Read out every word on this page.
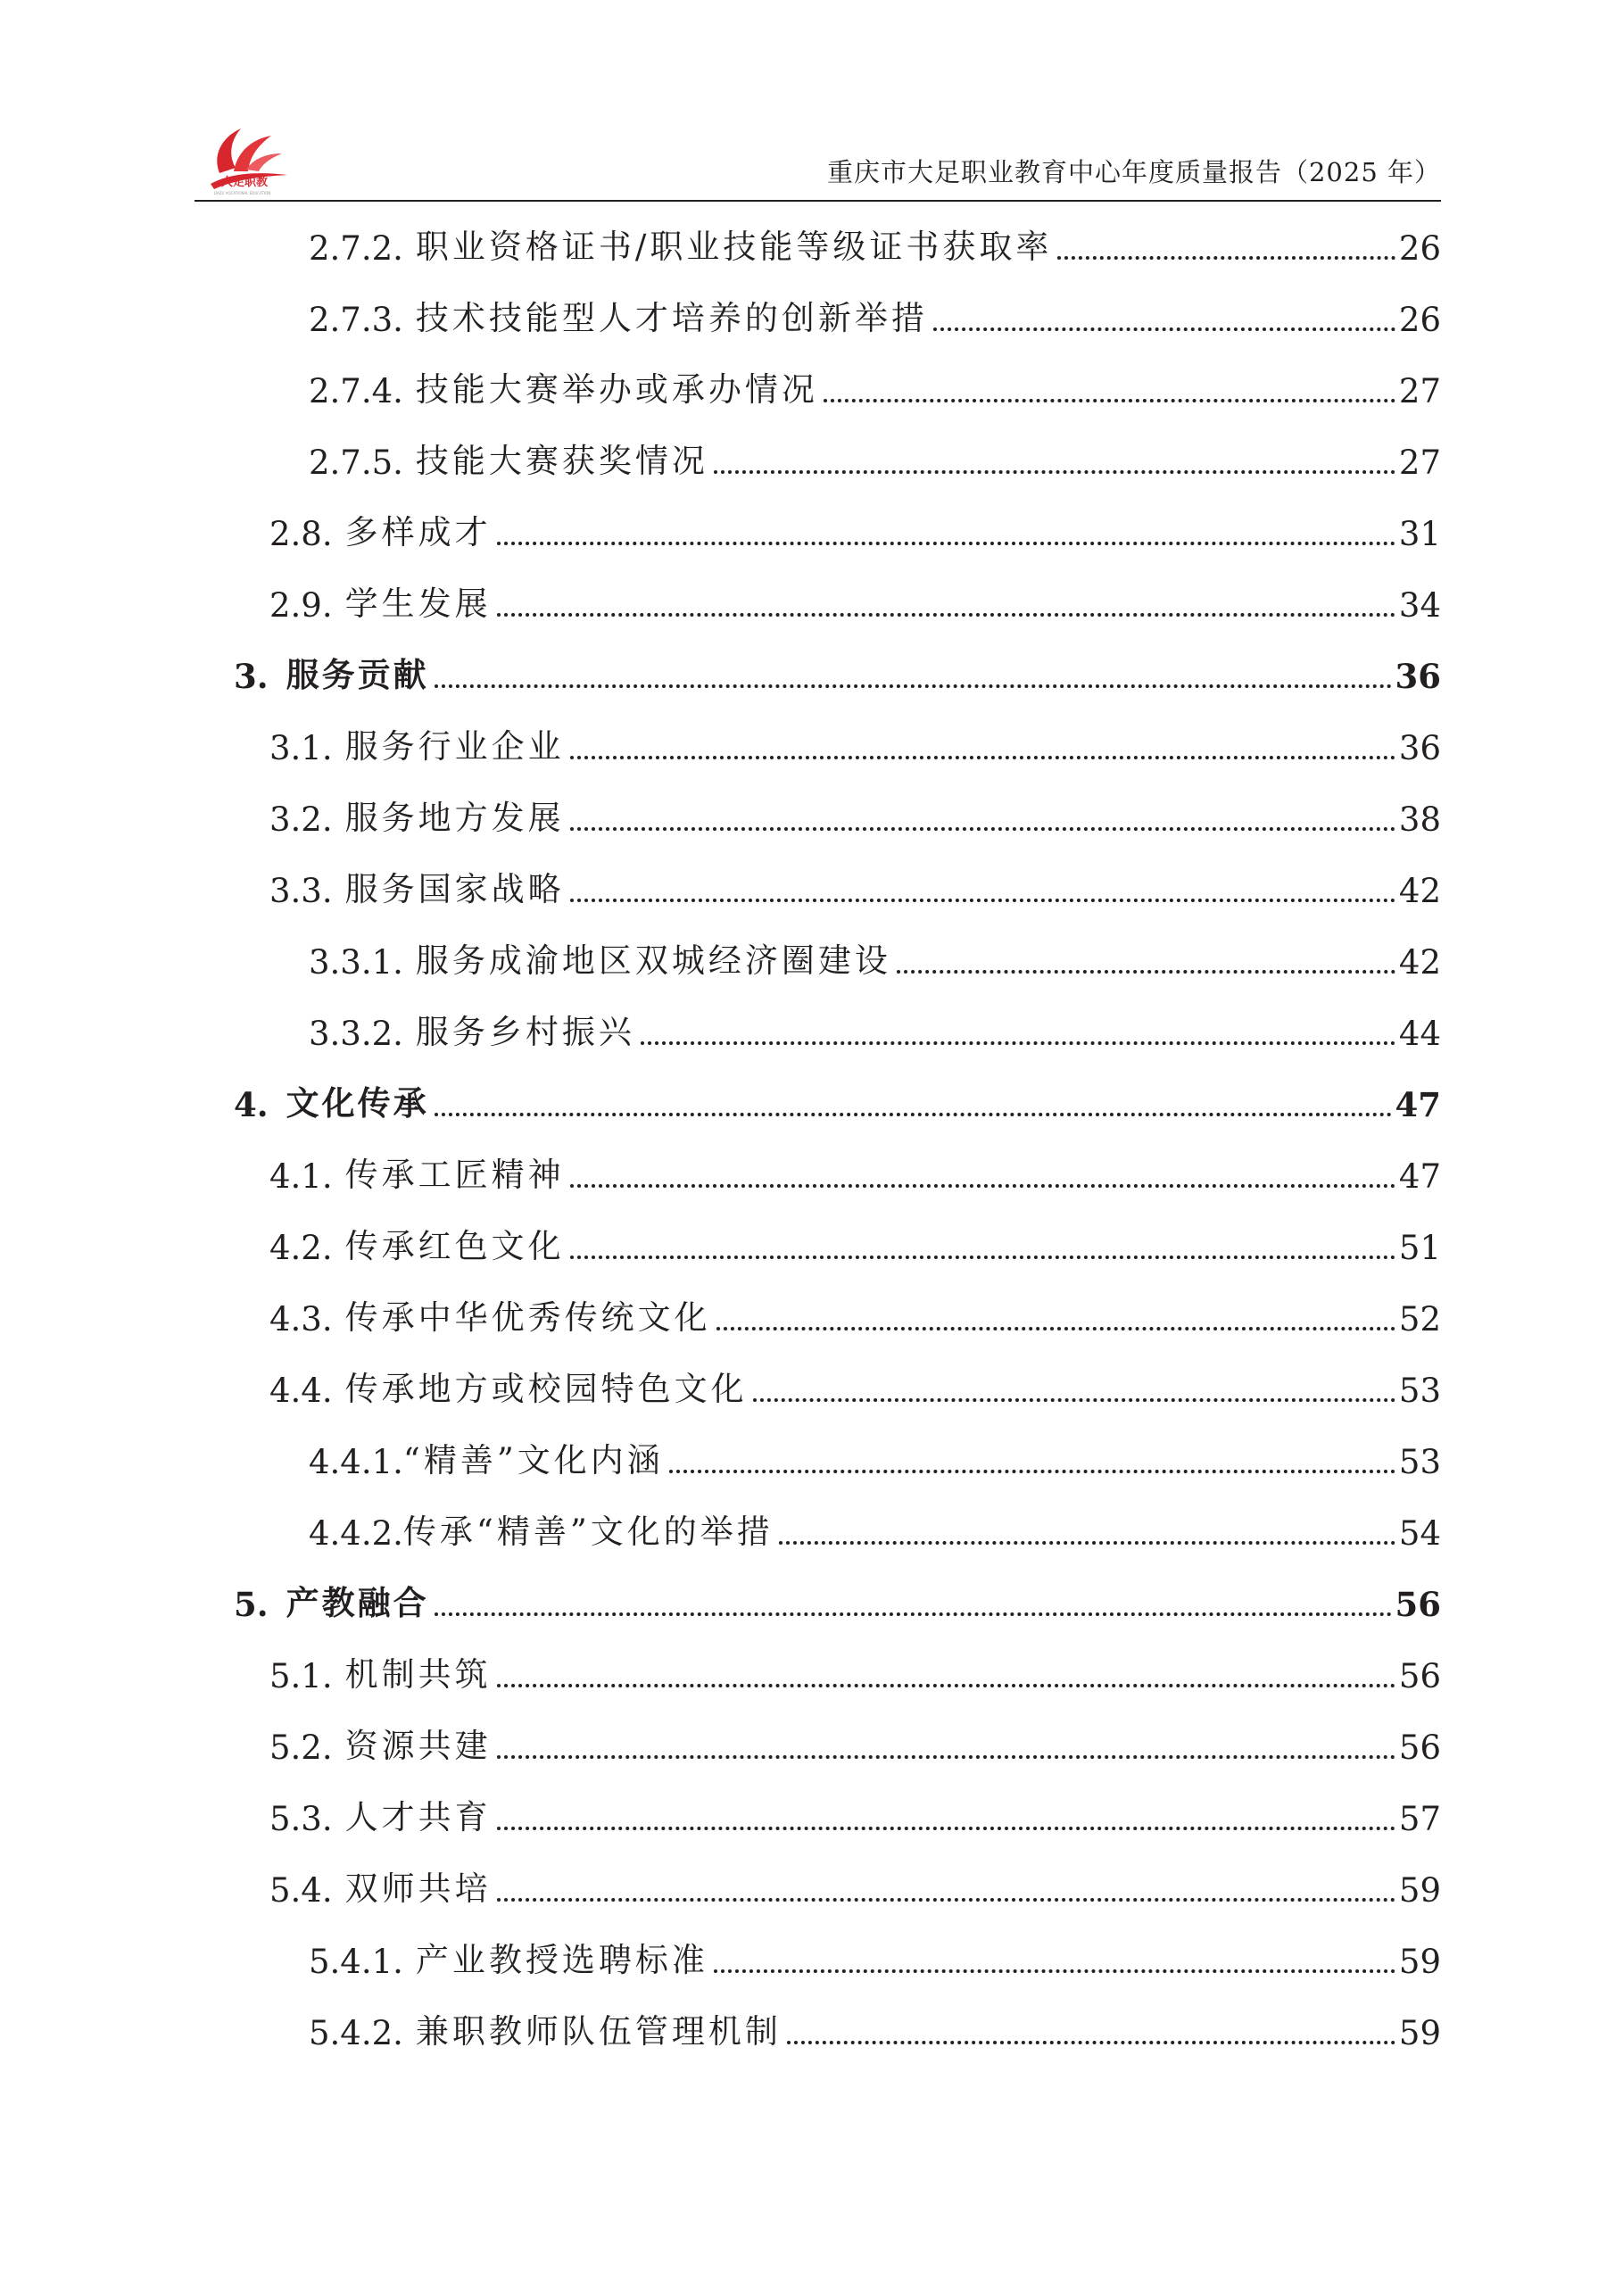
大足职教
DAZU VOCATIONAL EDUCATION
重庆市大足职业教育中心年度质量报告（2025 年）
2.7.2. 职业资格证书/职业技能等级证书获取率	26
2.7.3. 技术技能型人才培养的创新举措	26
2.7.4. 技能大赛举办或承办情况	27
2.7.5. 技能大赛获奖情况	27
2.8. 多样成才	31
2.9. 学生发展	34
3. 服务贡献	36
3.1. 服务行业企业	36
3.2. 服务地方发展	38
3.3. 服务国家战略	42
3.3.1. 服务成渝地区双城经济圈建设	42
3.3.2. 服务乡村振兴	44
4. 文化传承	47
4.1. 传承工匠精神	47
4.2. 传承红色文化	51
4.3. 传承中华优秀传统文化	52
4.4. 传承地方或校园特色文化	53
4.4.1. “精善”文化内涵	53
4.4.2. 传承“精善”文化的举措	54
5. 产教融合	56
5.1. 机制共筑	56
5.2. 资源共建	56
5.3. 人才共育	57
5.4. 双师共培	59
5.4.1. 产业教授选聘标准	59
5.4.2. 兼职教师队伍管理机制	59
